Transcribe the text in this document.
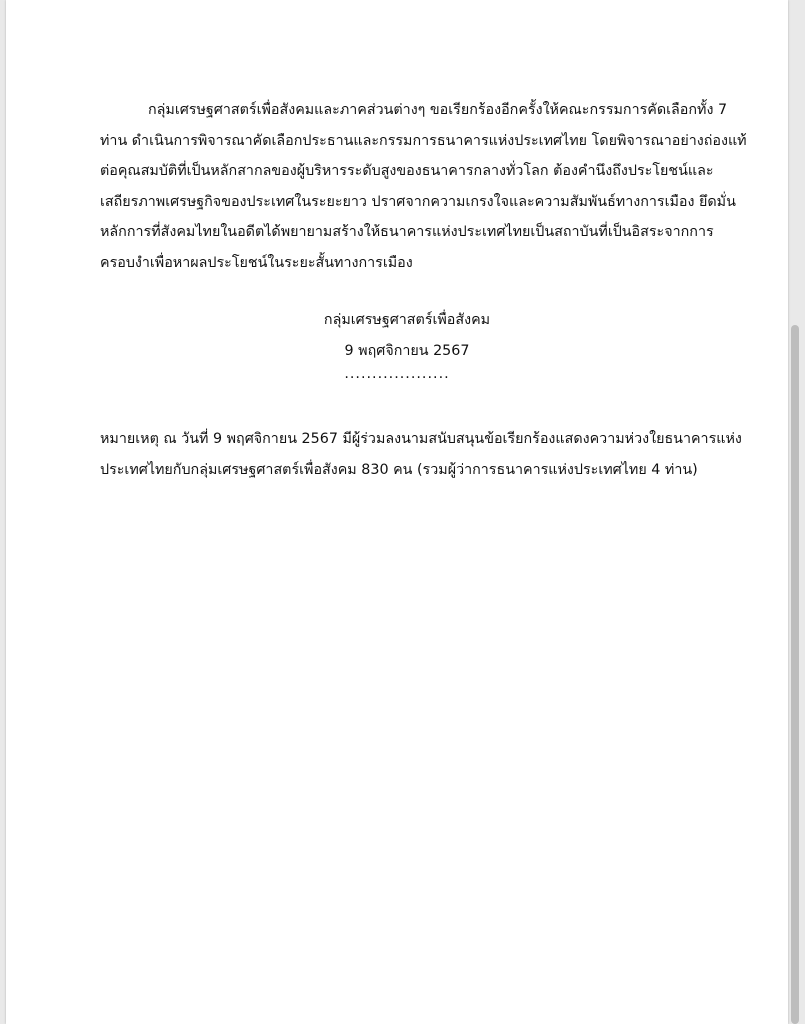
กลุ่มเศรษฐศาสตร์เพื่อสังคมและภาคส่วนต่างๆ ขอเรียกร้องอีกครั้งให้คณะกรรมการคัดเลือกทั้ง 7
ท่าน ดำเนินการพิจารณาคัดเลือกประธานและกรรมการธนาคารแห่งประเทศไทย โดยพิจารณาอย่างถ่องแท้
ต่อคุณสมบัติที่เป็นหลักสากลของผู้บริหารระดับสูงของธนาคารกลางทั่วโลก ต้องคำนึงถึงประโยชน์และ
เสถียรภาพเศรษฐกิจของประเทศในระยะยาว ปราศจากความเกรงใจและความสัมพันธ์ทางการเมือง ยึดมั่น
หลักการที่สังคมไทยในอดีตได้พยายามสร้างให้ธนาคารแห่งประเทศไทยเป็นสถาบันที่เป็นอิสระจากการ
ครอบงำเพื่อหาผลประโยชน์ในระยะสั้นทางการเมือง

กลุ่มเศรษฐศาสตร์เพื่อสังคม
9 พฤศจิกายน 2567
...................

หมายเหตุ ณ วันที่ 9 พฤศจิกายน 2567 มีผู้ร่วมลงนามสนับสนุนข้อเรียกร้องแสดงความห่วงใยธนาคารแห่ง
ประเทศไทยกับกลุ่มเศรษฐศาสตร์เพื่อสังคม 830 คน (รวมผู้ว่าการธนาคารแห่งประเทศไทย 4 ท่าน)
